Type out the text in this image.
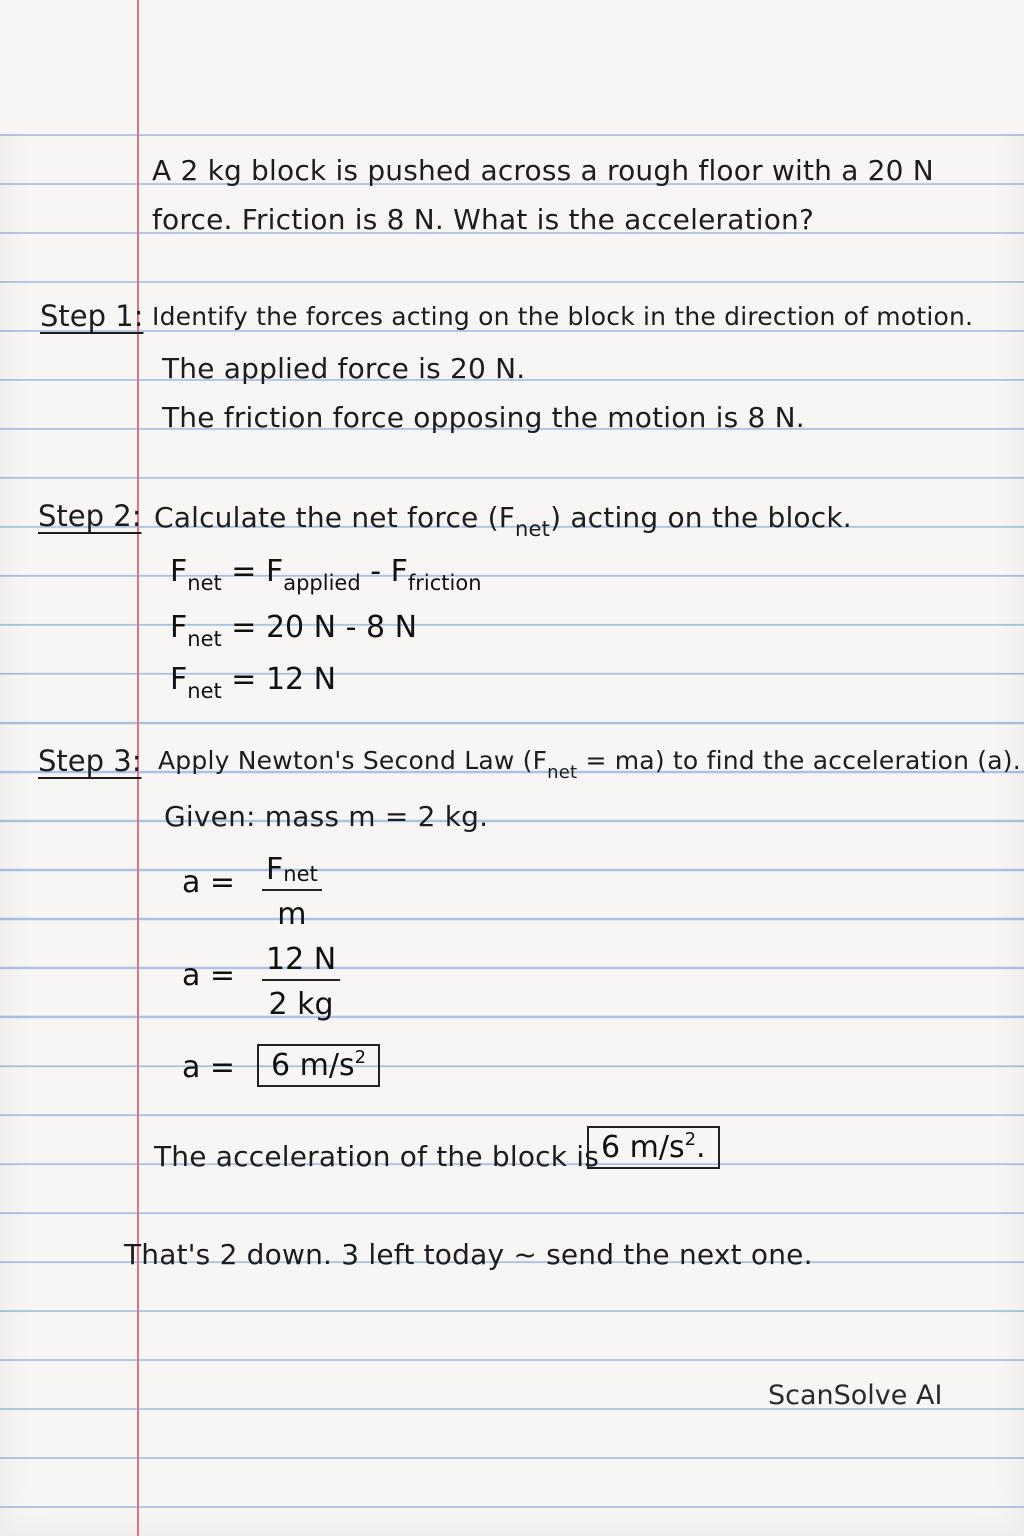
A 2 kg block is pushed across a rough floor with a 20 N
force. Friction is 8 N. What is the acceleration?
Step 1: Identify the forces acting on the block in the direction of motion.
The applied force is 20 N.
The friction force opposing the motion is 8 N.
Step 2: Calculate the net force $(F_{net})$ acting on the block.
$F_{net} = F_{applied} - F_{friction}$
$F_{net} = 20$ N - 8 N
$F_{net} = 12$ N
Step 3: Apply Newton's Second Law $(F_{net} = ma)$ to find the acceleration (a).
Given: mass m = 2 kg.
a = Fnet
m
$a = \frac{12 N}{2 kg}$
a =	6 $m/s^2$
The acceleration of the block is 6 $m/s^2$.
That's 2 down. 3 left today ~ send the next one.
ScanSolve AI
